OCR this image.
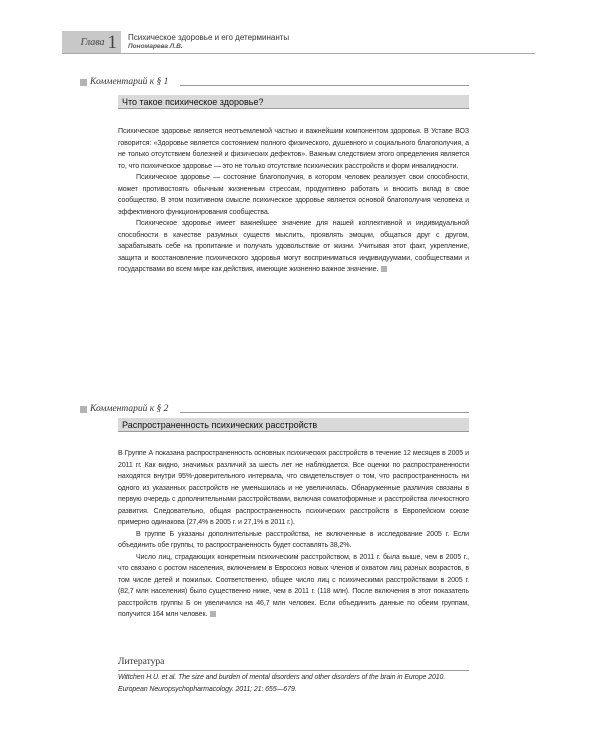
Глава 1 Психическое здоровье и его детерминанты
Пономарева Л.В.
Комментарий к § 1
Что такое психическое здоровье?

Психическое здоровье является неотъемлемой частью и важнейшим компонентом здоровья. В Уставе ВОЗ говорится: «Здоровье является состоянием полного физического, душевного и социального благополучия, а не только отсутствием болезней и физических дефектов». Важным следствием этого определения является то, что психическое здоровье — это не только отсутствие психических расстройств и форм инвалидности.

Психическое здоровье — состояние благополучия, в котором человек реализует свои способности, может противостоять обычным жизненным стрессам, продуктивно работать и вносить вклад в свое сообщество. В этом позитивном смысле психическое здоровье является основой благополучия человека и эффективного функционирования сообщества.

Психическое здоровье имеет важнейшее значение для нашей коллективной и индивидуальной способности в качестве разумных существ мыслить, проявлять эмоции, общаться друг с другом, зарабатывать себе на пропитание и получать удовольствие от жизни. Учитывая этот факт, укрепление, защита и восстановление психического здоровья могут восприниматься индивидуумами, сообществами и государствами во всем мире как действия, имеющие жизненно важное значение.

Комментарий к § 2
Распространенность психических расстройств

В Группе А показана распространенность основных психических расстройств в течение 12 месяцев в 2005 и 2011 гг. Как видно, значимых различий за шесть лет не наблюдается. Все оценки по распространенности находятся внутри 95%-доверительного интервала, что свидетельствует о том, что распространенность ни одного из указанных расстройств не уменьшилась и не увеличилась. Обнаруженные различия связаны в первую очередь с дополнительными расстройствами, включая соматоформные и расстройства личностного развития. Следовательно, общая распространенность психических расстройств в Европейском союзе примерно одинакова (27,4% в 2005 г. и 27,1% в 2011 г.).

В группе Б указаны дополнительные расстройства, не включенные в исследование 2005 г. Если объединить обе группы, то распространенность будет составлять 38,2%.

Число лиц, страдающих конкретным психическим расстройством, в 2011 г. была выше, чем в 2005 г., что связано с ростом населения, включением в Евросоюз новых членов и охватом лиц разных возрастов, в том числе детей и пожилых. Соответственно, общее число лиц с психическими расстройствами в 2005 г. (82,7 млн населения) было существенно ниже, чем в 2011 г. (118 млн). После включения в этот показатель расстройств группы Б он увеличился на 46,7 млн человек. Если объединить данные по обеим группам, получится 164 млн человек.

Литература

Wittchen H.U. et al. The size and burden of mental disorders and other disorders of the brain in Europe 2010. European Neuropsychopharmacology. 2011; 21: 655—679.
